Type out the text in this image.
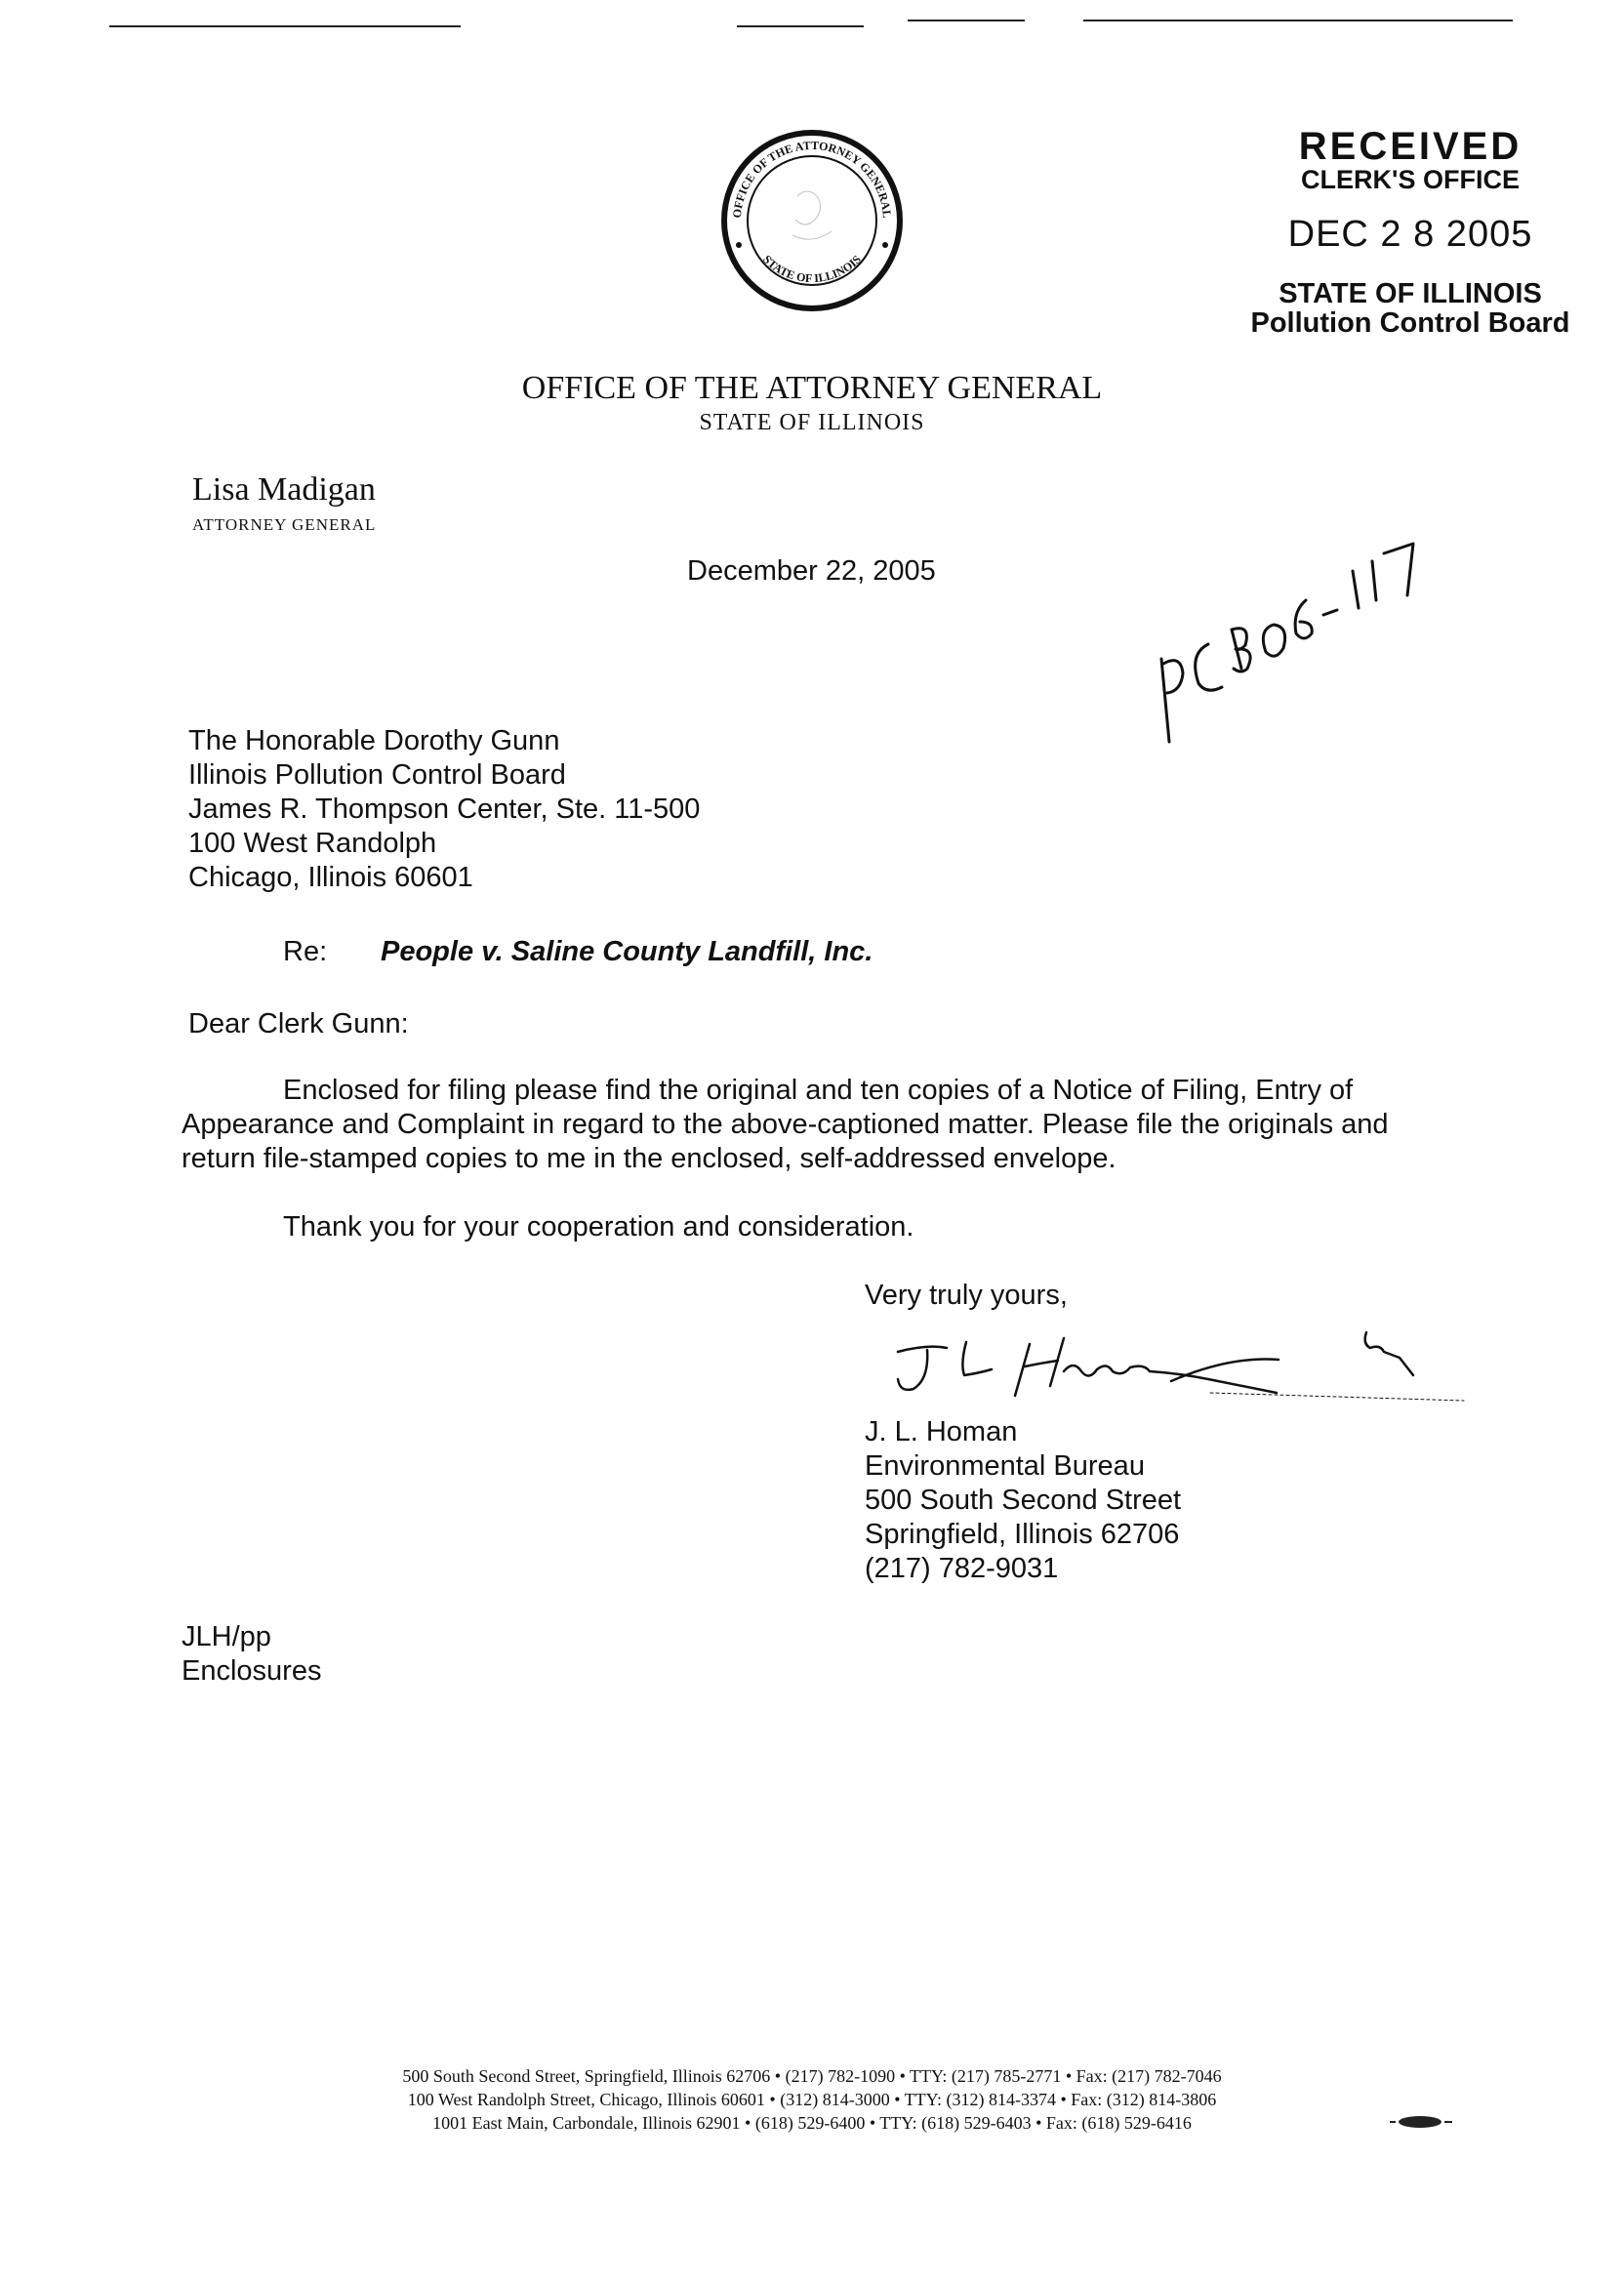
OFFICE OF THE ATTORNEY GENERAL
STATE OF ILLINOIS
RECEIVED
CLERK'S OFFICE
DEC 2 8 2005
STATE OF ILLINOIS
Pollution Control Board
OFFICE OF THE ATTORNEY GENERAL
STATE OF ILLINOIS
Lisa Madigan
ATTORNEY GENERAL	PCB06-117
December 22, 2005
The Honorable Dorothy Gunn
Illinois Pollution Control Board
James R. Thompson Center, Ste. 11-500
100 West Randolph
Chicago, Illinois 60601
Re: People v. Saline County Landfill, Inc.
Dear Clerk Gunn:
Enclosed for filing please find the original and ten copies of a Notice of Filing, Entry of
Appearance and Complaint in regard to the above-captioned matter. Please file the originals and
return file-stamped copies to me in the enclosed, self-addressed envelope.
Thank you for your cooperation and consideration.
Very truly yours,
J. L. Homan
Environmental Bureau
500 South Second Street
Springfield, Illinois 62706
(217) 782-9031
JLH/pp
Enclosures
500 South Second Street, Springfield, Illinois 62706 • (217) 782-1090 • TTY: (217) 785-2771 • Fax: (217) 782-7046
100 West Randolph Street, Chicago, Illinois 60601 • (312) 814-3000 • TTY: (312) 814-3374 • Fax: (312) 814-3806
1001 East Main, Carbondale, Illinois 62901 • (618) 529-6400 • TTY: (618) 529-6403 • Fax: (618) 529-6416
